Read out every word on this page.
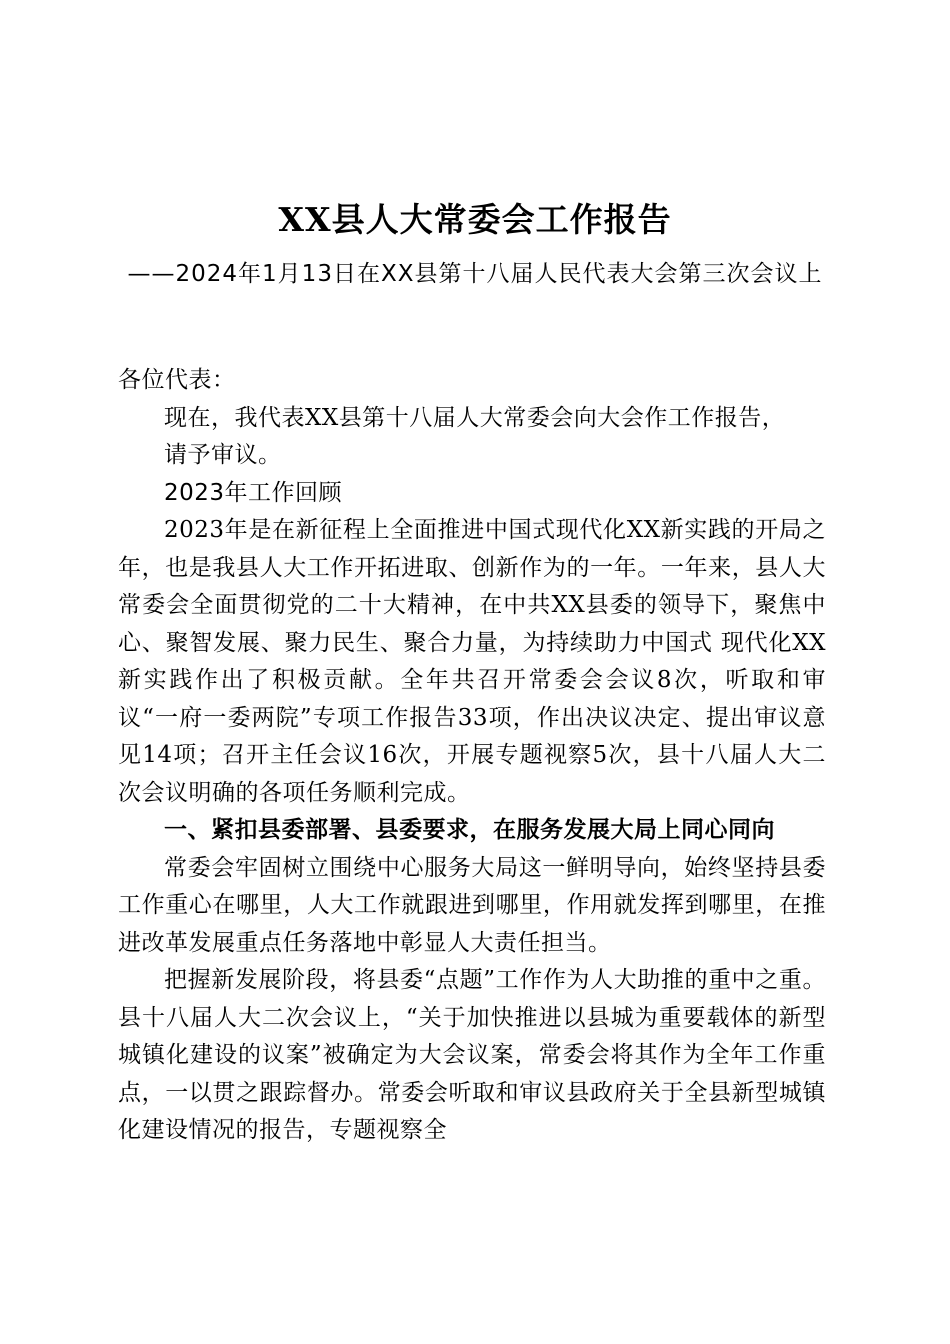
XX县人大常委会工作报告
——2024年1月13日在XX县第十八届人民代表大会第三次会议上

各位代表：

现在，我代表XX县第十八届人大常委会向大会作工作报告，

请予审议。

2023年工作回顾

2023年是在新征程上全面推进中国式现代化XX新实践的开局之年，也是我县人大工作开拓进取、创新作为的一年。一年来，县人大常委会全面贯彻党的二十大精神，在中共XX县委的领导下，聚焦中心、聚智发展、聚力民生、聚合力量，为持续助力中国式 现代化XX新实践作出了积极贡献。全年共召开常委会会议8次，听取和审议“一府一委两院”专项工作报告33项，作出决议决定、提出审议意见14项；召开主任会议16次，开展专题视察5次，县十八届人大二次会议明确的各项任务顺利完成。

一、紧扣县委部署、县委要求，在服务发展大局上同心同向

常委会牢固树立围绕中心服务大局这一鲜明导向，始终坚持县委工作重心在哪里，人大工作就跟进到哪里，作用就发挥到哪里，在推进改革发展重点任务落地中彰显人大责任担当。

把握新发展阶段，将县委“点题”工作作为人大助推的重中之重。县十八届人大二次会议上，“关于加快推进以县城为重要载体的新型城镇化建设的议案”被确定为大会议案，常委会将其作为全年工作重点，一以贯之跟踪督办。常委会听取和审议县政府关于全县新型城镇化建设情况的报告，专题视察全
